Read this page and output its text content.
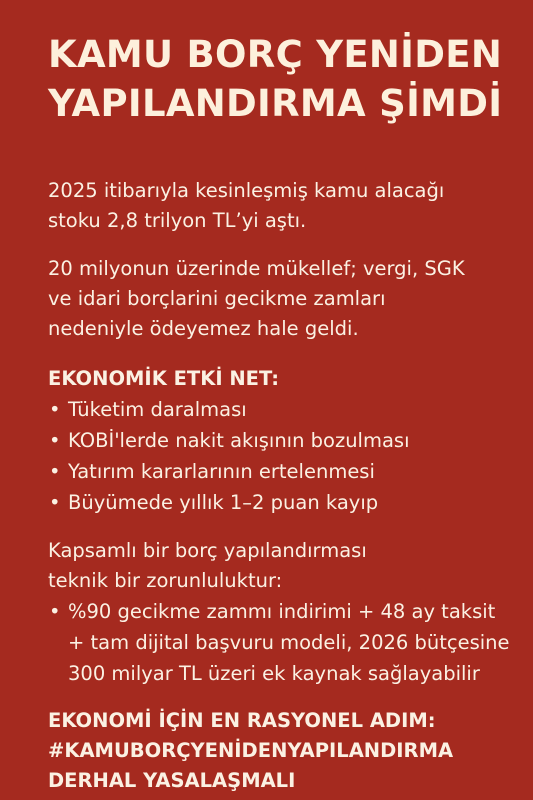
KAMU BORÇ YENİDEN
YAPILANDIRMA ŞİMDİ

2025 itibarıyla kesinleşmiş kamu alacağı
stoku 2,8 trilyon TL’yi aştı.

20 milyonun üzerinde mükellef; vergi, SGK
ve idari borçlarini gecikme zamları
nedeniyle ödeyemez hale geldi.

EKONOMİK ETKİ NET:
• Tüketim daralması
• KOBİ'lerde nakit akışının bozulması
• Yatırım kararlarının ertelenmesi
• Büyümede yıllık 1–2 puan kayıp

Kapsamlı bir borç yapılandırması
teknik bir zorunluluktur:

• %90 gecikme zammı indirimi + 48 ay taksit
+ tam dijital başvuru modeli, 2026 bütçesine
300 milyar TL üzeri ek kaynak sağlayabilir

EKONOMİ İÇİN EN RASYONEL ADIM:
#KAMUBORÇYENİDENYAPILANDIRMA
DERHAL YASALAŞMALI
